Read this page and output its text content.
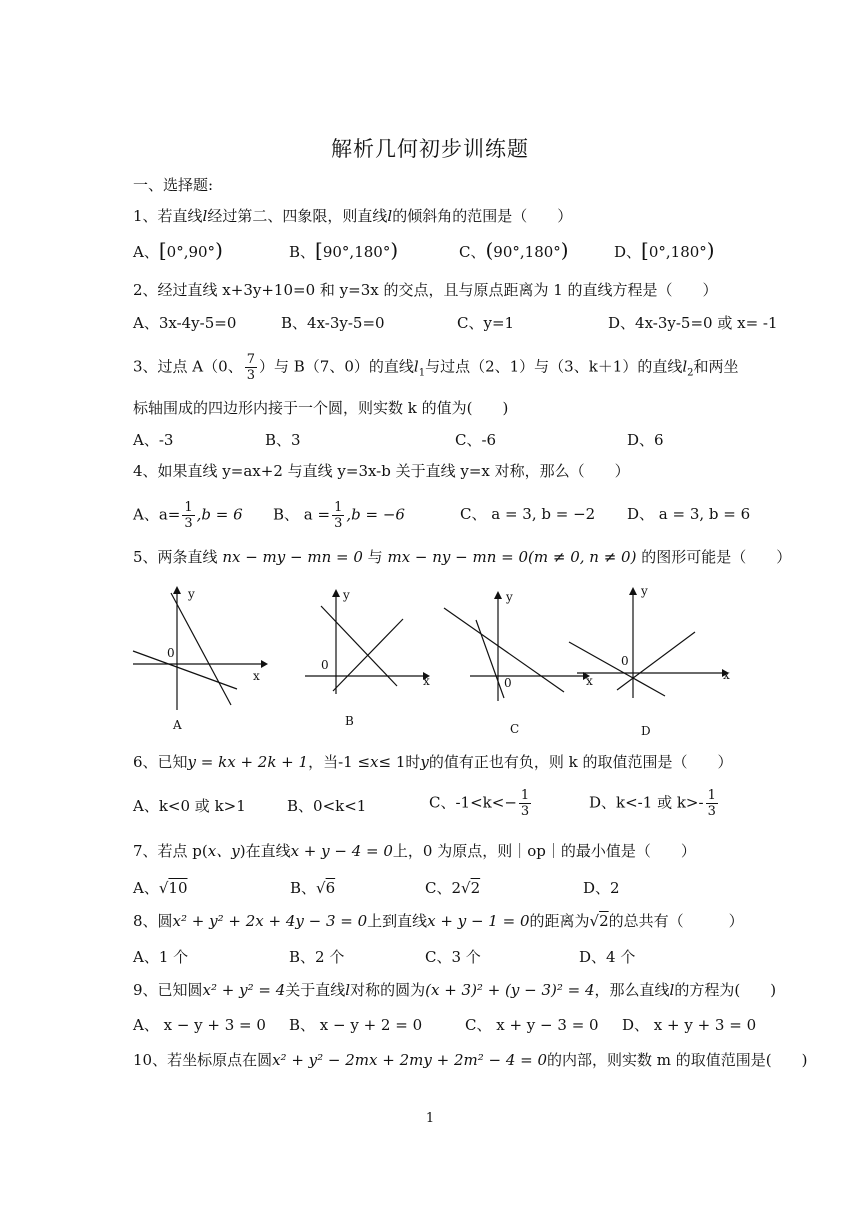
解析几何初步训练题
一、选择题:
1、若直线l经过第二、四象限，则直线l的倾斜角的范围是（　　）
A、[0°,90°)	B、[90°,180°)	C、(90°,180°)	D、[0°,180°)
2、经过直线 x+3y+10=0 和 y=3x 的交点，且与原点距离为 1 的直线方程是（　　）
A、3x-4y-5=0	B、4x-3y-5=0	C、y=1	D、4x-3y-5=0 或 x= -1
3、过点 A（0、 $\frac{7}{3}$ ）与 B（7、0）的直线$l_1$与过点（2、1）与（3、k＋1）的直线$l_2$和两坐
标轴围成的四边形内接于一个圆，则实数 k 的值为(　　)
A、-3	B、3	C、-6	D、6
4、如果直线 y=ax+2 与直线 y=3x-b 关于直线 y=x 对称，那么（　　）
A、$a= \frac{1}{3} ,b = 6$ B、 $a = \frac{1}{3} ,b = -6$	C、 a = 3, b = −2 D、 a = 3, b = 6
5、两条直线 nx − my − mn = 0 与 mx − ny − mn = 0(m ≠ 0, n ≠ 0) 的图形可能是（　　）
y
x
0
A
y
x
0
B
y
x
0
C
y
x
0
D
6、已知y = kx + 2k + 1，当-1 ≤x≤ 1时y的值有正也有负，则 k 的取值范围是（　　）
A、k<0 或 k>1	B、0<k<1	C、$-1<k<- \frac{1}{3}$	D、k<-1 或 $k>- \frac{1}{3}$
7、若点 p(x、y)在直线x + y − 4 = 0上，0 为原点，则｜op｜的最小值是（　　）
A、√10	B、√6	C、2√2	D、2
8、圆x² + y² + 2x + 4y − 3 = 0上到直线x + y − 1 = 0的距离为√2的总共有（　　　）
A、1 个	B、2 个	C、3 个	D、4 个
9、已知圆x² + y² = 4关于直线l对称的圆为(x + 3)² + (y − 3)² = 4，那么直线l的方程为(　　)
A、 x − y + 3 = 0 B、 x − y + 2 = 0	C、 x + y − 3 = 0 D、 x + y + 3 = 0
10、若坐标原点在圆x² + y² − 2mx + 2my + 2m² − 4 = 0的内部，则实数 m 的取值范围是(　　)
1
